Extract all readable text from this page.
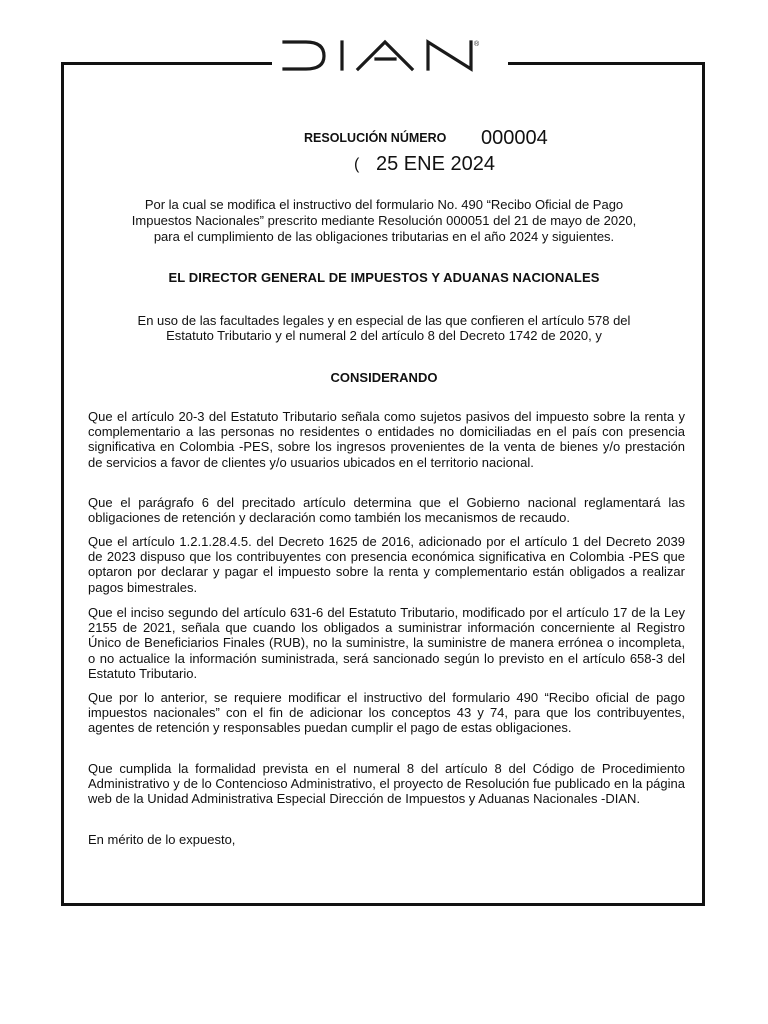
®
RESOLUCIÓN NÚMERO 000004
( 25 ENE 2024
Por la cual se modifica el instructivo del formulario No. 490 “Recibo Oficial de Pago
Impuestos Nacionales” prescrito mediante Resolución 000051 del 21 de mayo de 2020,
para el cumplimiento de las obligaciones tributarias en el año 2024 y siguientes.
EL DIRECTOR GENERAL DE IMPUESTOS Y ADUANAS NACIONALES
En uso de las facultades legales y en especial de las que confieren el artículo 578 del
Estatuto Tributario y el numeral 2 del artículo 8 del Decreto 1742 de 2020, y
CONSIDERANDO

Que el artículo 20-3 del Estatuto Tributario señala como sujetos pasivos del impuesto sobre la renta y complementario a las personas no residentes o entidades no domiciliadas en el país con presencia significativa en Colombia -PES, sobre los ingresos provenientes de la venta de bienes y/o prestación de servicios a favor de clientes y/o usuarios ubicados en el territorio nacional.

Que el parágrafo 6 del precitado artículo determina que el Gobierno nacional reglamentará las obligaciones de retención y declaración como también los mecanismos de recaudo.

Que el artículo 1.2.1.28.4.5. del Decreto 1625 de 2016, adicionado por el artículo 1 del Decreto 2039 de 2023 dispuso que los contribuyentes con presencia económica significativa en Colombia -PES que optaron por declarar y pagar el impuesto sobre la renta y complementario están obligados a realizar pagos bimestrales.

Que el inciso segundo del artículo 631-6 del Estatuto Tributario, modificado por el artículo 17 de la Ley 2155 de 2021, señala que cuando los obligados a suministrar información concerniente al Registro Único de Beneficiarios Finales (RUB), no la suministre, la suministre de manera errónea o incompleta, o no actualice la información suministrada, será sancionado según lo previsto en el artículo 658-3 del Estatuto Tributario.

Que por lo anterior, se requiere modificar el instructivo del formulario 490 “Recibo oficial de pago impuestos nacionales” con el fin de adicionar los conceptos 43 y 74, para que los contribuyentes, agentes de retención y responsables puedan cumplir el pago de estas obligaciones.

Que cumplida la formalidad prevista en el numeral 8 del artículo 8 del Código de Procedimiento Administrativo y de lo Contencioso Administrativo, el proyecto de Resolución fue publicado en la página web de la Unidad Administrativa Especial Dirección de Impuestos y Aduanas Nacionales -DIAN.

En mérito de lo expuesto,
